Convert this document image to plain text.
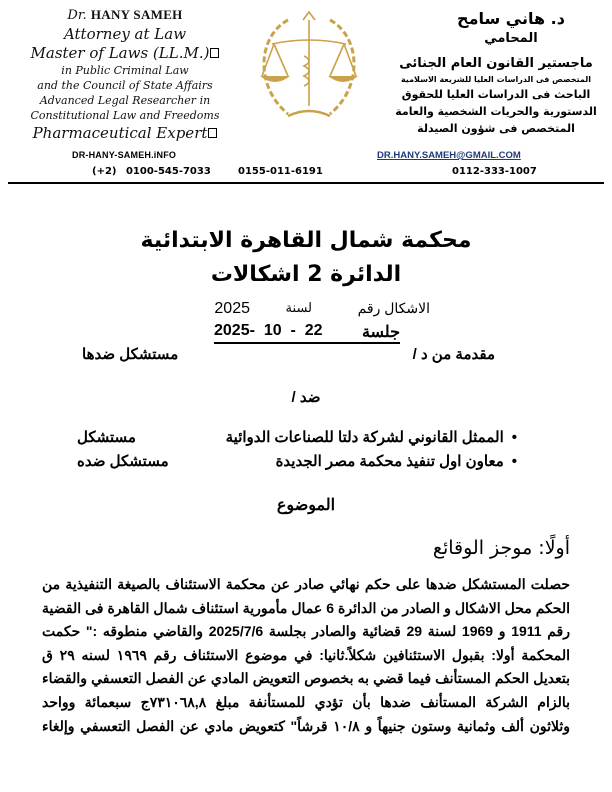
Dr. HANY SAMEH
Attorney at Law
Master of Laws (LL.M.)
in Public Criminal Law
and the Council of State Affairs
Advanced Legal Researcher in
Constitutional Law and Freedoms
Pharmaceutical Expert
DR-HANY-SAMEH.iNFO
(+2) 0100-545-7033	0155-011-6191
د. هاني سامح
المحامي
ماجستير القانون العام الجنائى
المتخصص فى الدراسات العليا للشريعة الاسلامية
الباحث فى الدراسات العليا للحقوق
الدستورية والحريات الشخصية والعامة
المتخصص فى شؤون الصيدلة
DR.HANY.SAMEH@GMAIL.COM
0112-333-1007
محكمة شمال القاهرة الابتدائية
الدائرة 2 اشكالات
الاشكال رقم
لسنة
2025
جلسة
2025-  10  -  22
مقدمة من د /
مستشكل ضدها
ضد /
•الممثل القانوني لشركة دلتا للصناعات الدوائية
مستشكل
•معاون اول تنفيذ محكمة مصر الجديدة
مستشكل ضده
الموضوع
أولًا: موجز الوقائع
حصلت المستشكل ضدها على حكم نهائي صادر عن محكمة الاستئناف بالصيغة التنفيذية من
الحكم محل الاشكال و الصادر من الدائرة 6 عمال مأمورية استئناف شمال القاهرة فى القضية
رقم 1911 و 1969 لسنة 29 قضائية والصادر بجلسة 2025/7/6 والقاضي منطوقه :" حكمت
المحكمة أولا: بقبول الاستئنافين شكلاً.ثانيا: في موضوع الاستئناف رقم ١٩٦٩ لسنه ٢٩ ق
بتعديل الحكم المستأنف فيما قضي به بخصوص التعويض المادي عن الفصل التعسفي والقضاء
بالزام الشركة المستأنف ضدها بأن تؤدي للمستأنفة مبلغ ٧٣١٠٦٨,٨ج سبعمائة وواحد
وثلاثون ألف وثمانية وستون جنيهاً و ١٠/٨ قرشاً" كتعويض مادي عن الفصل التعسفي وإلغاء
